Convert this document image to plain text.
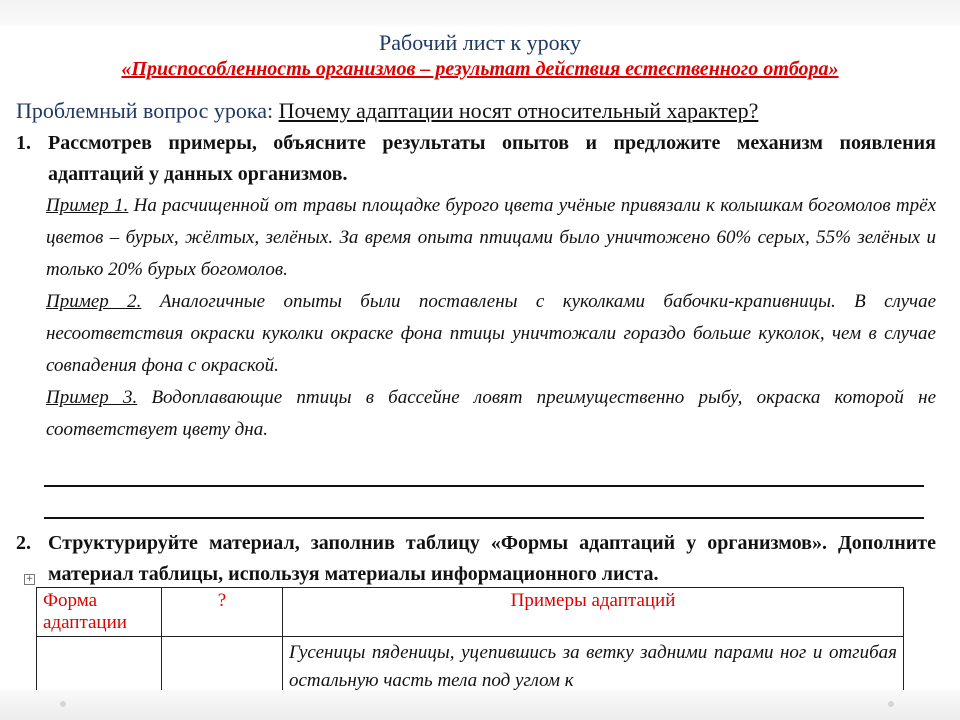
Рабочий лист к уроку
«Приспособленность организмов – результат действия естественного отбора»
Проблемный вопрос урока: Почему адаптации носят относительный характер?
1. Рассмотрев примеры, объясните результаты опытов и предложите механизм появления адаптаций у данных организмов.
Пример 1. На расчищенной от травы площадке бурого цвета учёные привязали к колышкам богомолов трёх цветов – бурых, жёлтых, зелёных. За время опыта птицами было уничтожено 60% серых, 55% зелёных и только 20% бурых богомолов.
Пример 2. Аналогичные опыты были поставлены с куколками бабочки-крапивницы. В случае несоответствия окраски куколки окраске фона птицы уничтожали гораздо больше куколок, чем в случае совпадения фона с окраской.
Пример 3. Водоплавающие птицы в бассейне ловят преимущественно рыбу, окраска которой не соответствует цвету дна.
2. Структурируйте материал, заполнив таблицу «Формы адаптаций у организмов». Дополните материал таблицы, используя материалы информационного листа.
+
Форма адаптации	?	Примеры адаптаций
		Гусеницы пяденицы, уцепившись за ветку задними парами ног и отгибая остальную часть тела под углом к
